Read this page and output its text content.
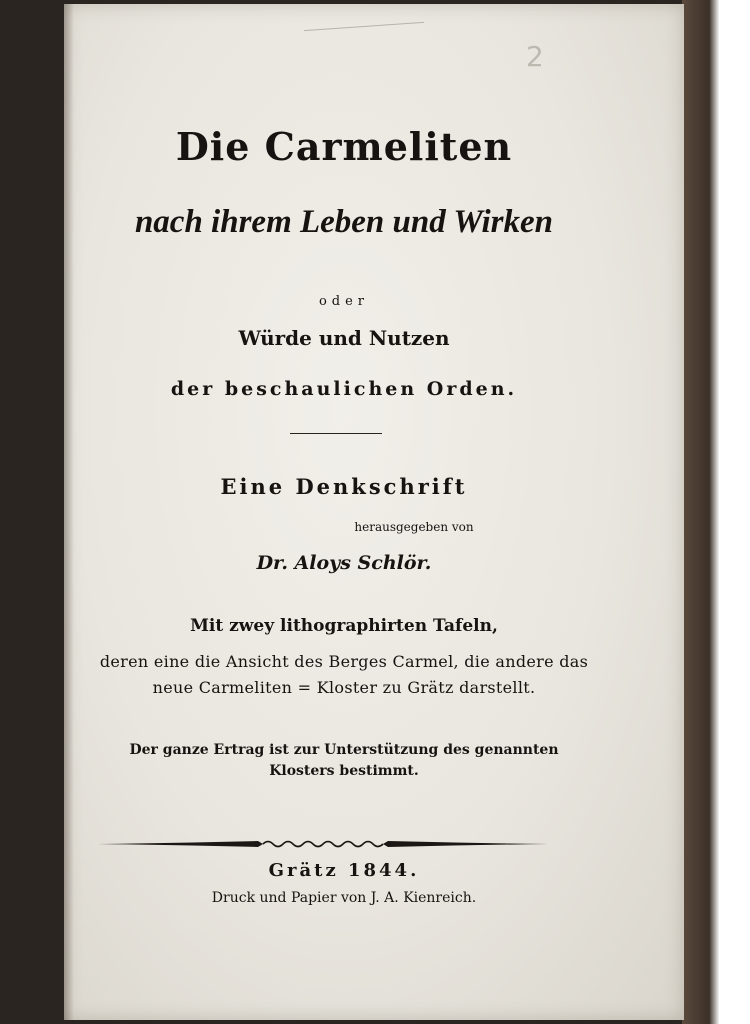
2
Die Carmeliten
nach ihrem Leben und Wirken
oder
Würde und Nutzen
der beschaulichen Orden.
Eine Denkschrift
herausgegeben von
Dr. Aloys Schlör.
Mit zwey lithographirten Tafeln,
deren eine die Ansicht des Berges Carmel, die andere das
neue Carmeliten = Kloster zu Grätz darstellt.
Der ganze Ertrag ist zur Unterstützung des genannten
Klosters bestimmt.
Grätz 1844.
Druck und Papier von J. A. Kienreich.
